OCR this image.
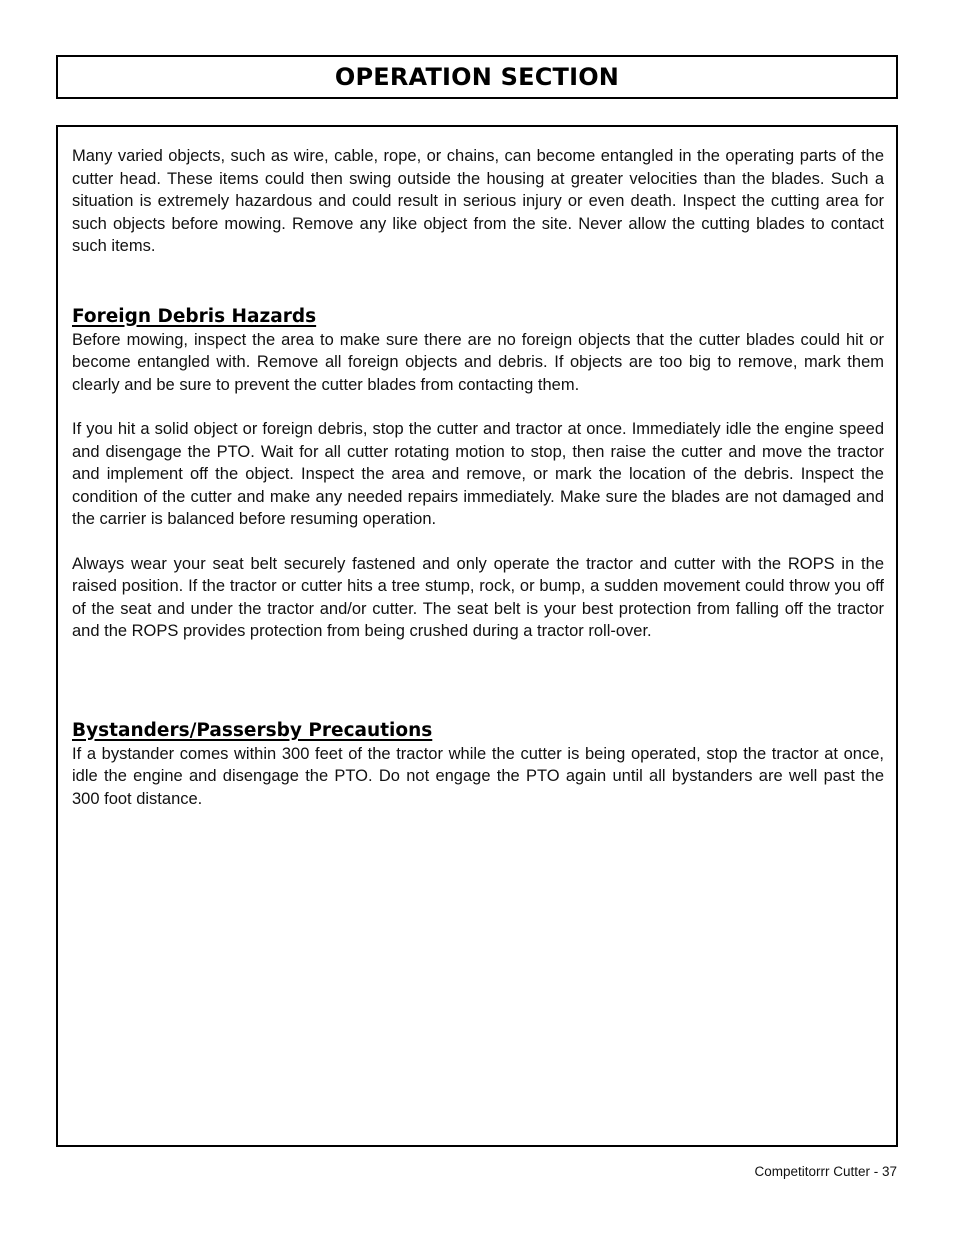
OPERATION SECTION

Many varied objects, such as wire, cable, rope, or chains, can become entangled in the operating parts of the cutter head. These items could then swing outside the housing at greater velocities than the blades. Such a situation is extremely hazardous and could result in serious injury or even death. Inspect the cutting area for such objects before mowing. Remove any like object from the site. Never allow the cutting blades to contact such items.

Foreign Debris Hazards

Before mowing, inspect the area to make sure there are no foreign objects that the cutter blades could hit or become entangled with. Remove all foreign objects and debris. If objects are too big to remove, mark them clearly and be sure to prevent the cutter blades from contacting them.

If you hit a solid object or foreign debris, stop the cutter and tractor at once. Immediately idle the engine speed and disengage the PTO. Wait for all cutter rotating motion to stop, then raise the cutter and move the tractor and implement off the object. Inspect the area and remove, or mark the location of the debris. Inspect the condition of the cutter and make any needed repairs immediately. Make sure the blades are not damaged and the carrier is balanced before resuming operation.

Always wear your seat belt securely fastened and only operate the tractor and cutter with the ROPS in the raised position. If the tractor or cutter hits a tree stump, rock, or bump, a sudden movement could throw you off of the seat and under the tractor and/or cutter. The seat belt is your best protection from falling off the tractor and the ROPS provides protection from being crushed during a tractor roll-over.

Bystanders/Passersby Precautions

If a bystander comes within 300 feet of the tractor while the cutter is being operated, stop the tractor at once, idle the engine and disengage the PTO. Do not engage the PTO again until all bystanders are well past the 300 foot distance.

Competitorrr Cutter - 37
